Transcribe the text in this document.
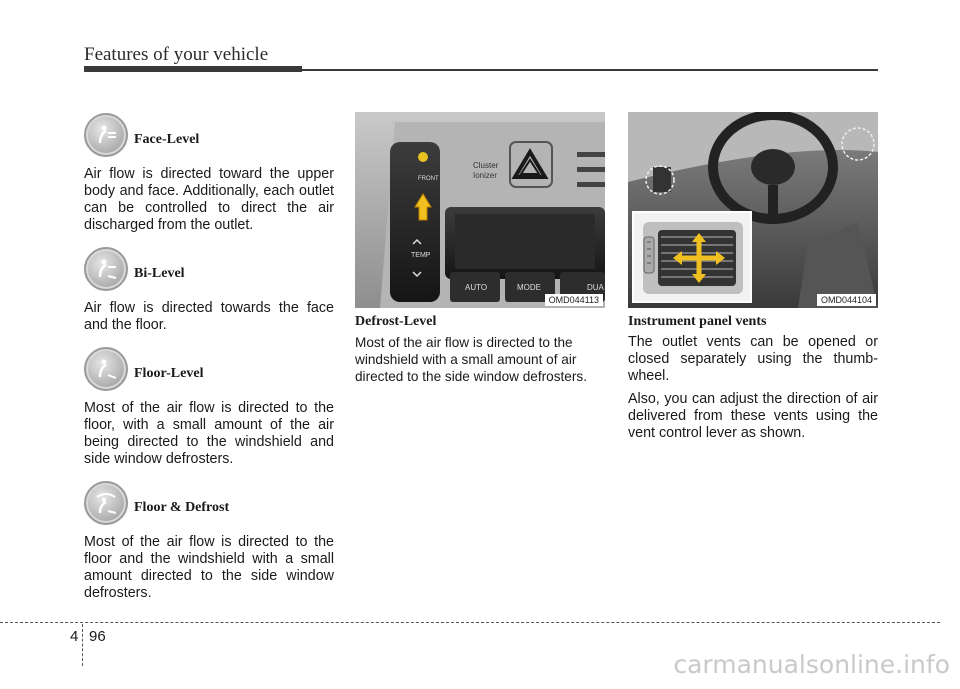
Features of your vehicle
Face-Level

Air flow is directed toward the upper body and face. Additionally, each outlet can be controlled to direct the air discharged from the outlet.

Bi-Level

Air flow is directed towards the face and the floor.

Floor-Level

Most of the air flow is directed to the floor, with a small amount of the air being directed to the windshield and side window defrosters.

Floor & Defrost

Most of the air flow is directed to the floor and the windshield with a small amount directed to the side window defrosters.

FRONT
TEMP
Cluster
Ionizer
AUTO	MODE	DUA
OMD044113
Defrost-Level

Most of the air flow is directed to the windshield with a small amount of air directed to the side window defrosters.

OMD044104
Instrument panel vents

The outlet vents can be opened or closed separately using the thumb-wheel.

Also, you can adjust the direction of air delivered from these vents using the vent control lever as shown.

4 96
carmanualsonline.info
